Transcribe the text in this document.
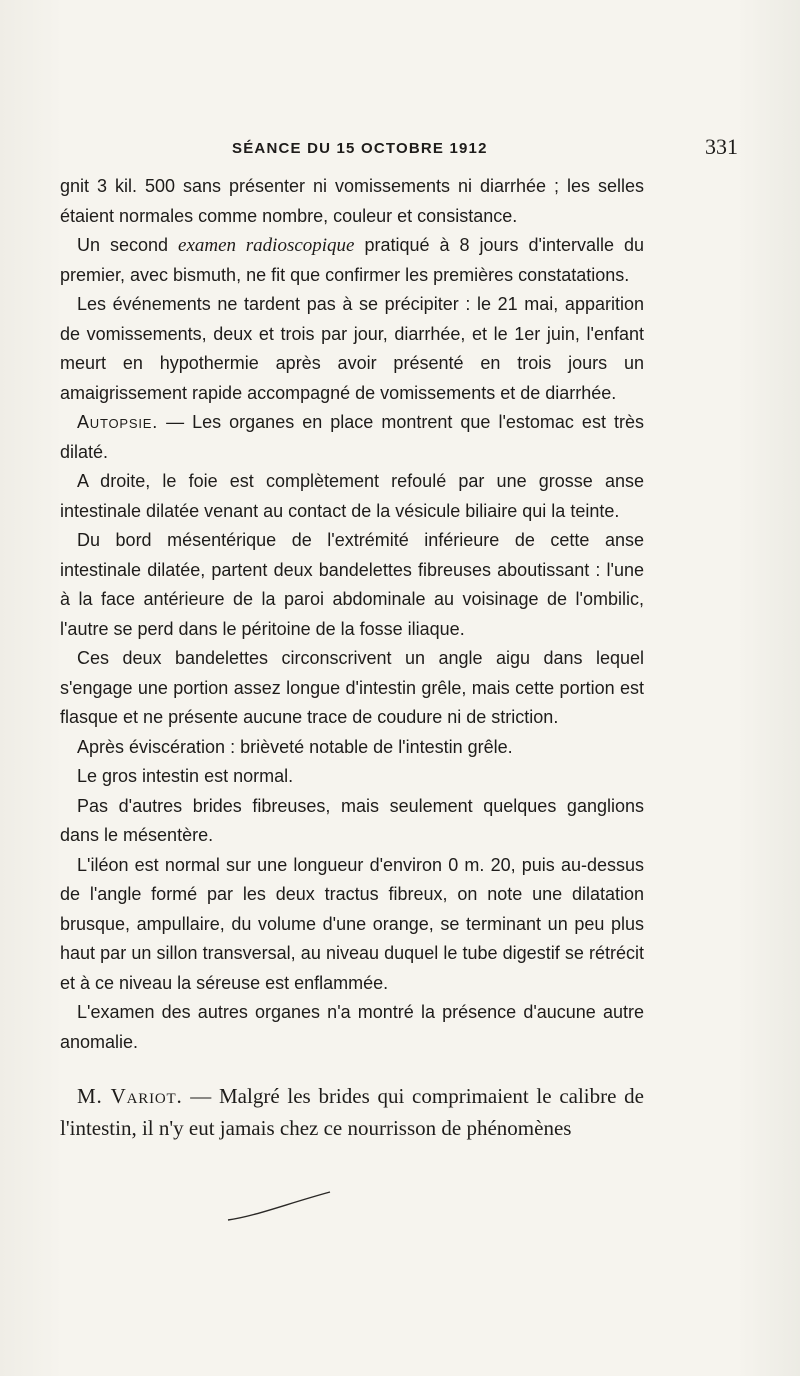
SÉANCE DU 15 OCTOBRE 1912	331

gnit 3 kil. 500 sans présenter ni vomissements ni diarrhée ; les selles étaient normales comme nombre, couleur et consistance.

Un second examen radioscopique pratiqué à 8 jours d'intervalle du premier, avec bismuth, ne fit que confirmer les premières constatations.

Les événements ne tardent pas à se précipiter : le 21 mai, apparition de vomissements, deux et trois par jour, diarrhée, et le 1er juin, l'enfant meurt en hypothermie après avoir présenté en trois jours un amaigrissement rapide accompagné de vomissements et de diarrhée.

Autopsie. — Les organes en place montrent que l'estomac est très dilaté.

A droite, le foie est complètement refoulé par une grosse anse intestinale dilatée venant au contact de la vésicule biliaire qui la teinte.

Du bord mésentérique de l'extrémité inférieure de cette anse intestinale dilatée, partent deux bandelettes fibreuses aboutissant : l'une à la face antérieure de la paroi abdominale au voisinage de l'ombilic, l'autre se perd dans le péritoine de la fosse iliaque.

Ces deux bandelettes circonscrivent un angle aigu dans lequel s'engage une portion assez longue d'intestin grêle, mais cette portion est flasque et ne présente aucune trace de coudure ni de striction.

Après éviscération : brièveté notable de l'intestin grêle.

Le gros intestin est normal.

Pas d'autres brides fibreuses, mais seulement quelques ganglions dans le mésentère.

L'iléon est normal sur une longueur d'environ 0 m. 20, puis au-dessus de l'angle formé par les deux tractus fibreux, on note une dilatation brusque, ampullaire, du volume d'une orange, se terminant un peu plus haut par un sillon transversal, au niveau duquel le tube digestif se rétrécit et à ce niveau la séreuse est enflammée.

L'examen des autres organes n'a montré la présence d'aucune autre anomalie.

M. Variot. — Malgré les brides qui comprimaient le calibre de l'intestin, il n'y eut jamais chez ce nourrisson de phénomènes
